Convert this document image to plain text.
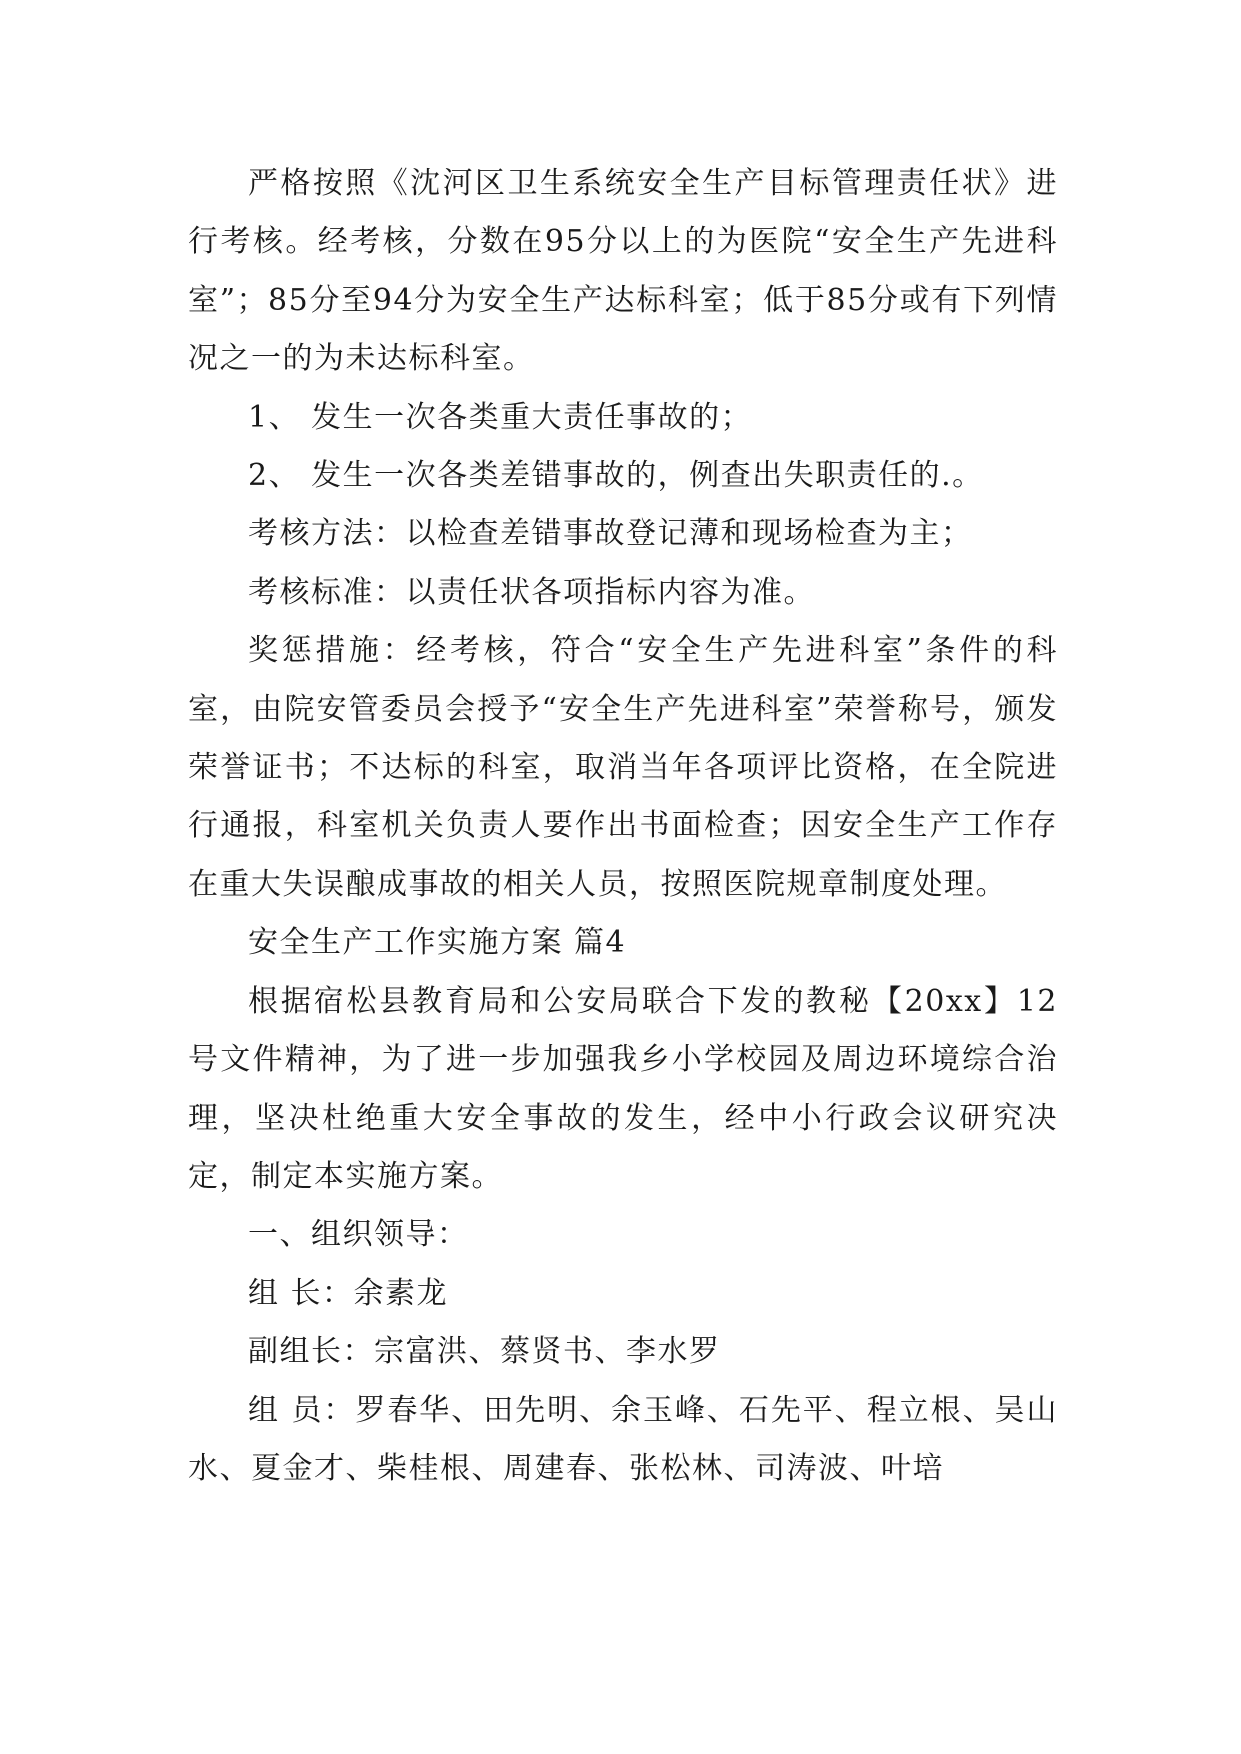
严格按照《沈河区卫生系统安全生产目标管理责任状》进行考核。经考核，分数在95分以上的为医院“安全生产先进科室”；85分至94分为安全生产达标科室；低于85分或有下列情况之一的为未达标科室。

1、 发生一次各类重大责任事故的；

2、 发生一次各类差错事故的，例查出失职责任的.。

考核方法：以检查差错事故登记薄和现场检查为主；

考核标准：以责任状各项指标内容为准。

奖惩措施：经考核，符合“安全生产先进科室”条件的科室，由院安管委员会授予“安全生产先进科室”荣誉称号，颁发荣誉证书；不达标的科室，取消当年各项评比资格，在全院进行通报，科室机关负责人要作出书面检查；因安全生产工作存在重大失误酿成事故的相关人员，按照医院规章制度处理。

安全生产工作实施方案 篇4

根据宿松县教育局和公安局联合下发的教秘【20xx】12号文件精神，为了进一步加强我乡小学校园及周边环境综合治理，坚决杜绝重大安全事故的发生，经中小行政会议研究决定，制定本实施方案。

一、组织领导：

组 长：余素龙

副组长：宗富洪、蔡贤书、李水罗

组 员：罗春华、田先明、余玉峰、石先平、程立根、吴山水、夏金才、柴桂根、周建春、张松林、司涛波、叶培
